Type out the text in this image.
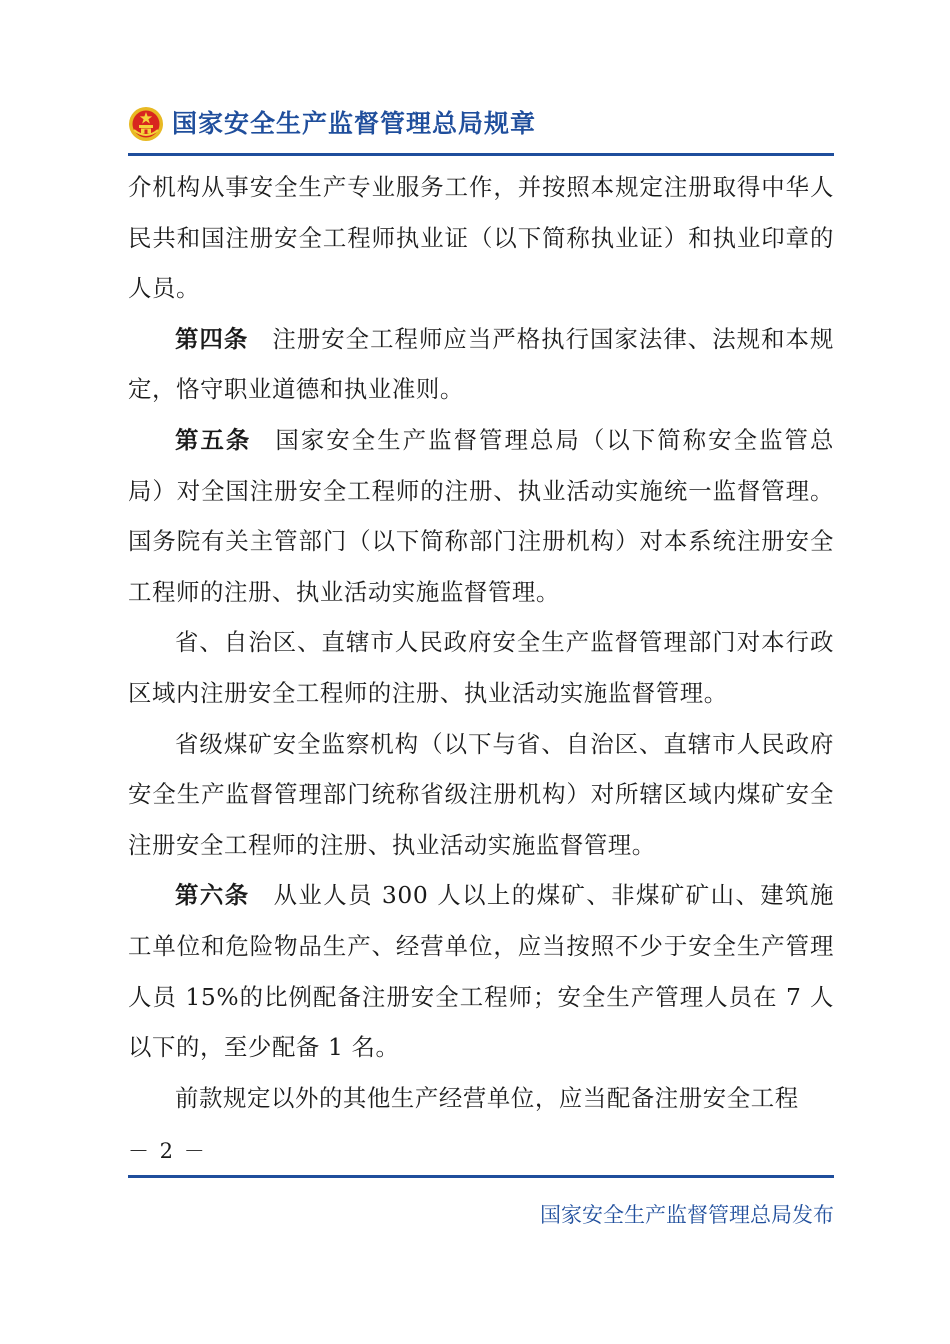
国家安全生产监督管理总局规章

介机构从事安全生产专业服务工作，并按照本规定注册取得中华人民共和国注册安全工程师执业证（以下简称执业证）和执业印章的人员。

第四条 注册安全工程师应当严格执行国家法律、法规和本规定，恪守职业道德和执业准则。

第五条 国家安全生产监督管理总局（以下简称安全监管总局）对全国注册安全工程师的注册、执业活动实施统一监督管理。国务院有关主管部门（以下简称部门注册机构）对本系统注册安全工程师的注册、执业活动实施监督管理。

省、自治区、直辖市人民政府安全生产监督管理部门对本行政区域内注册安全工程师的注册、执业活动实施监督管理。

省级煤矿安全监察机构（以下与省、自治区、直辖市人民政府安全生产监督管理部门统称省级注册机构）对所辖区域内煤矿安全注册安全工程师的注册、执业活动实施监督管理。

第六条 从业人员 300 人以上的煤矿、非煤矿矿山、建筑施工单位和危险物品生产、经营单位，应当按照不少于安全生产管理人员 15%的比例配备注册安全工程师；安全生产管理人员在 7 人以下的，至少配备 1 名。

前款规定以外的其他生产经营单位，应当配备注册安全工程

－ 2 －
国家安全生产监督管理总局发布
